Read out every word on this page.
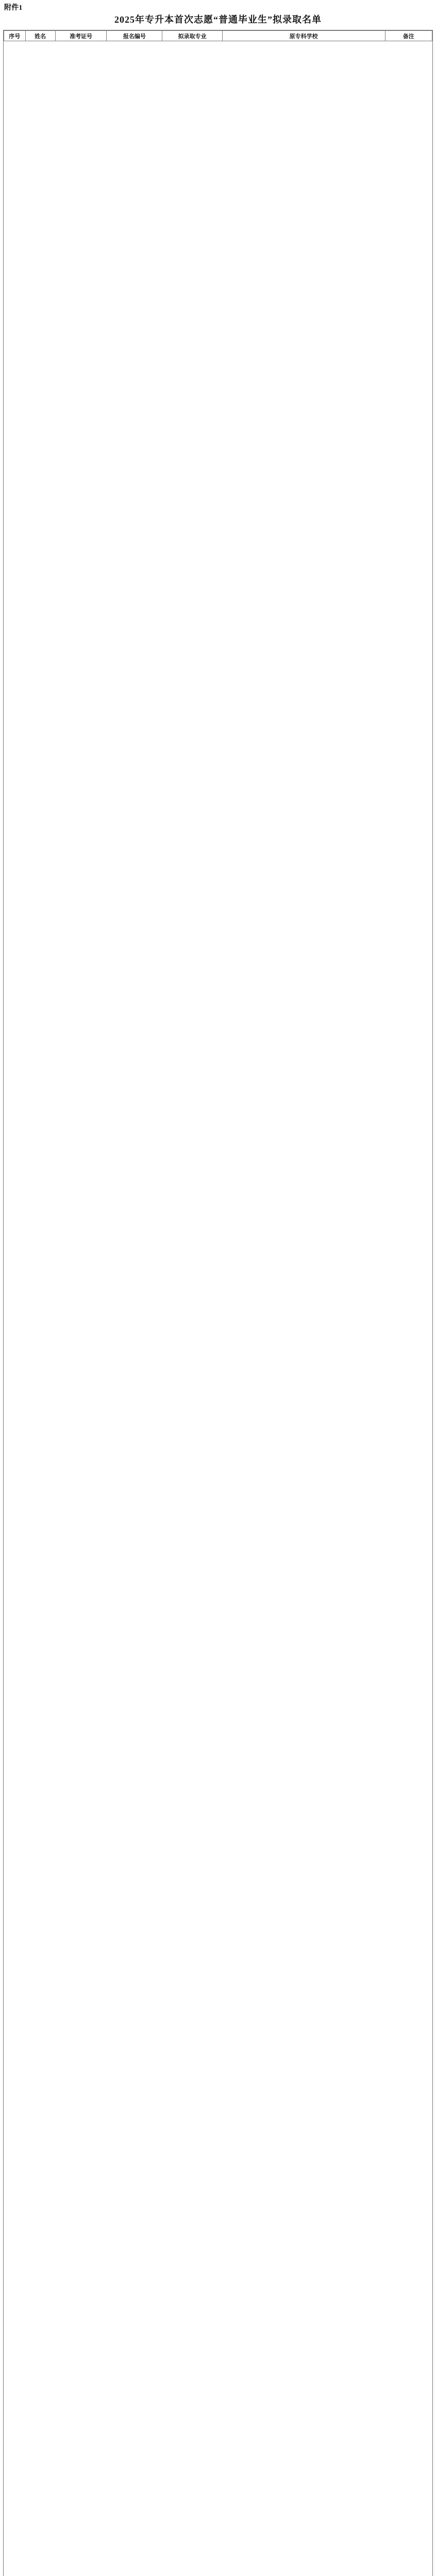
附件1
2025年专升本首次志愿“普通毕业生”拟录取名单
序号	姓名	准考证号	报名编号	拟录取专业	原专科学校	备注
